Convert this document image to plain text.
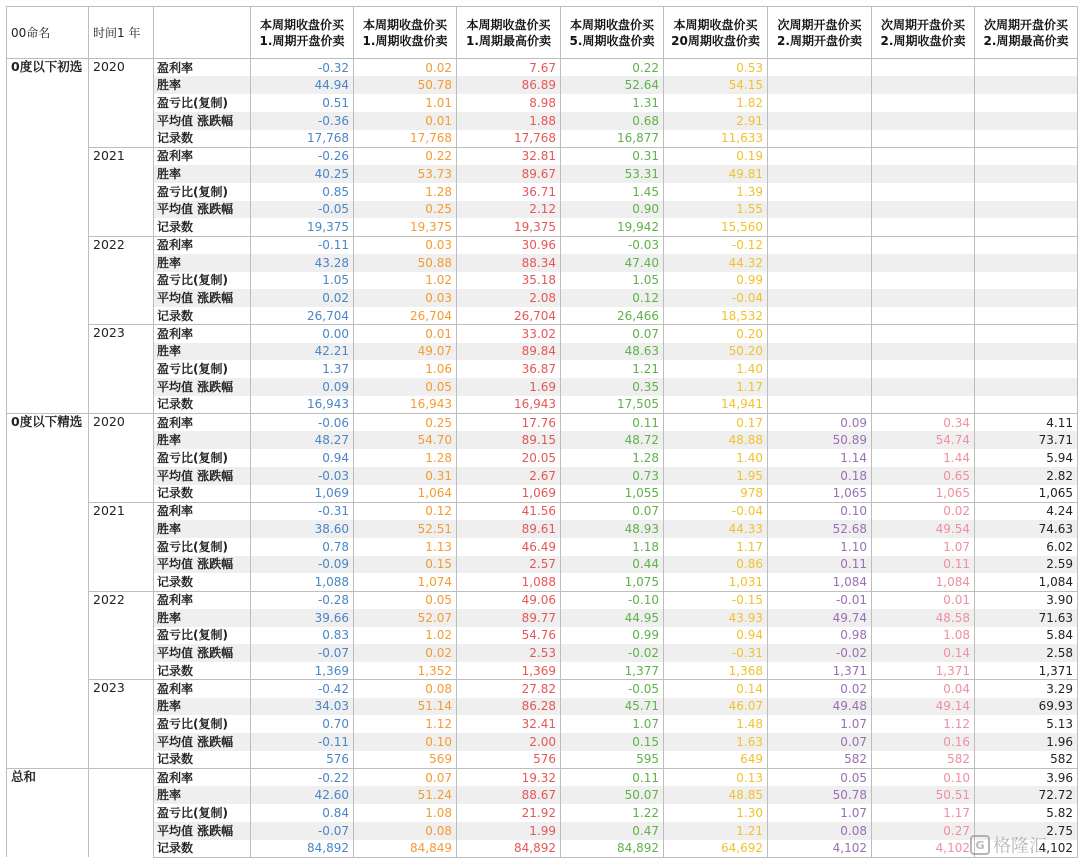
00命名	时间1 年		本周期收盘价买 1.周期开盘价卖	本周期收盘价买 1.周期收盘价卖	本周期收盘价买 1.周期最高价卖	本周期收盘价买 5.周期收盘价卖	本周期收盘价买 20周期收盘价卖	次周期开盘价买 2.周期开盘价卖	次周期开盘价买 2.周期收盘价卖	次周期开盘价买 2.周期最高价卖
0度以下初选	2020	盈利率	-0.32	0.02	7.67	0.22	0.53			
		胜率	44.94	50.78	86.89	52.64	54.15			
		盈亏比(复制)	0.51	1.01	8.98	1.31	1.82			
		平均值 涨跌幅	-0.36	0.01	1.88	0.68	2.91			
		记录数	17,768	17,768	17,768	16,877	11,633			
	2021	盈利率	-0.26	0.22	32.81	0.31	0.19			
		胜率	40.25	53.73	89.67	53.31	49.81			
		盈亏比(复制)	0.85	1.28	36.71	1.45	1.39			
		平均值 涨跌幅	-0.05	0.25	2.12	0.90	1.55			
		记录数	19,375	19,375	19,375	19,942	15,560			
	2022	盈利率	-0.11	0.03	30.96	-0.03	-0.12			
		胜率	43.28	50.88	88.34	47.40	44.32			
		盈亏比(复制)	1.05	1.02	35.18	1.05	0.99			
		平均值 涨跌幅	0.02	0.03	2.08	0.12	-0.04			
		记录数	26,704	26,704	26,704	26,466	18,532			
	2023	盈利率	0.00	0.01	33.02	0.07	0.20			
		胜率	42.21	49.07	89.84	48.63	50.20			
		盈亏比(复制)	1.37	1.06	36.87	1.21	1.40			
		平均值 涨跌幅	0.09	0.05	1.69	0.35	1.17			
		记录数	16,943	16,943	16,943	17,505	14,941			
0度以下精选	2020	盈利率	-0.06	0.25	17.76	0.11	0.17	0.09	0.34	4.11
		胜率	48.27	54.70	89.15	48.72	48.88	50.89	54.74	73.71
		盈亏比(复制)	0.94	1.28	20.05	1.28	1.40	1.14	1.44	5.94
		平均值 涨跌幅	-0.03	0.31	2.67	0.73	1.95	0.18	0.65	2.82
		记录数	1,069	1,064	1,069	1,055	978	1,065	1,065	1,065
	2021	盈利率	-0.31	0.12	41.56	0.07	-0.04	0.10	0.02	4.24
		胜率	38.60	52.51	89.61	48.93	44.33	52.68	49.54	74.63
		盈亏比(复制)	0.78	1.13	46.49	1.18	1.17	1.10	1.07	6.02
		平均值 涨跌幅	-0.09	0.15	2.57	0.44	0.86	0.11	0.11	2.59
		记录数	1,088	1,074	1,088	1,075	1,031	1,084	1,084	1,084
	2022	盈利率	-0.28	0.05	49.06	-0.10	-0.15	-0.01	0.01	3.90
		胜率	39.66	52.07	89.77	44.95	43.93	49.74	48.58	71.63
		盈亏比(复制)	0.83	1.02	54.76	0.99	0.94	0.98	1.08	5.84
		平均值 涨跌幅	-0.07	0.02	2.53	-0.02	-0.31	-0.02	0.14	2.58
		记录数	1,369	1,352	1,369	1,377	1,368	1,371	1,371	1,371
	2023	盈利率	-0.42	0.08	27.82	-0.05	0.14	0.02	0.04	3.29
		胜率	34.03	51.14	86.28	45.71	46.07	49.48	49.14	69.93
		盈亏比(复制)	0.70	1.12	32.41	1.07	1.48	1.07	1.12	5.13
		平均值 涨跌幅	-0.11	0.10	2.00	0.15	1.63	0.07	0.16	1.96
		记录数	576	569	576	595	649	582	582	582
总和		盈利率	-0.22	0.07	19.32	0.11	0.13	0.05	0.10	3.96
		胜率	42.60	51.24	88.67	50.07	48.85	50.78	50.51	72.72
		盈亏比(复制)	0.84	1.08	21.92	1.22	1.30	1.07	1.17	5.82
		平均值 涨跌幅	-0.07	0.08	1.99	0.47	1.21	0.08	0.27	2.75
		记录数	84,892	84,849	84,892	84,892	64,692	4,102	4,102	4,102
G 格隆汇
